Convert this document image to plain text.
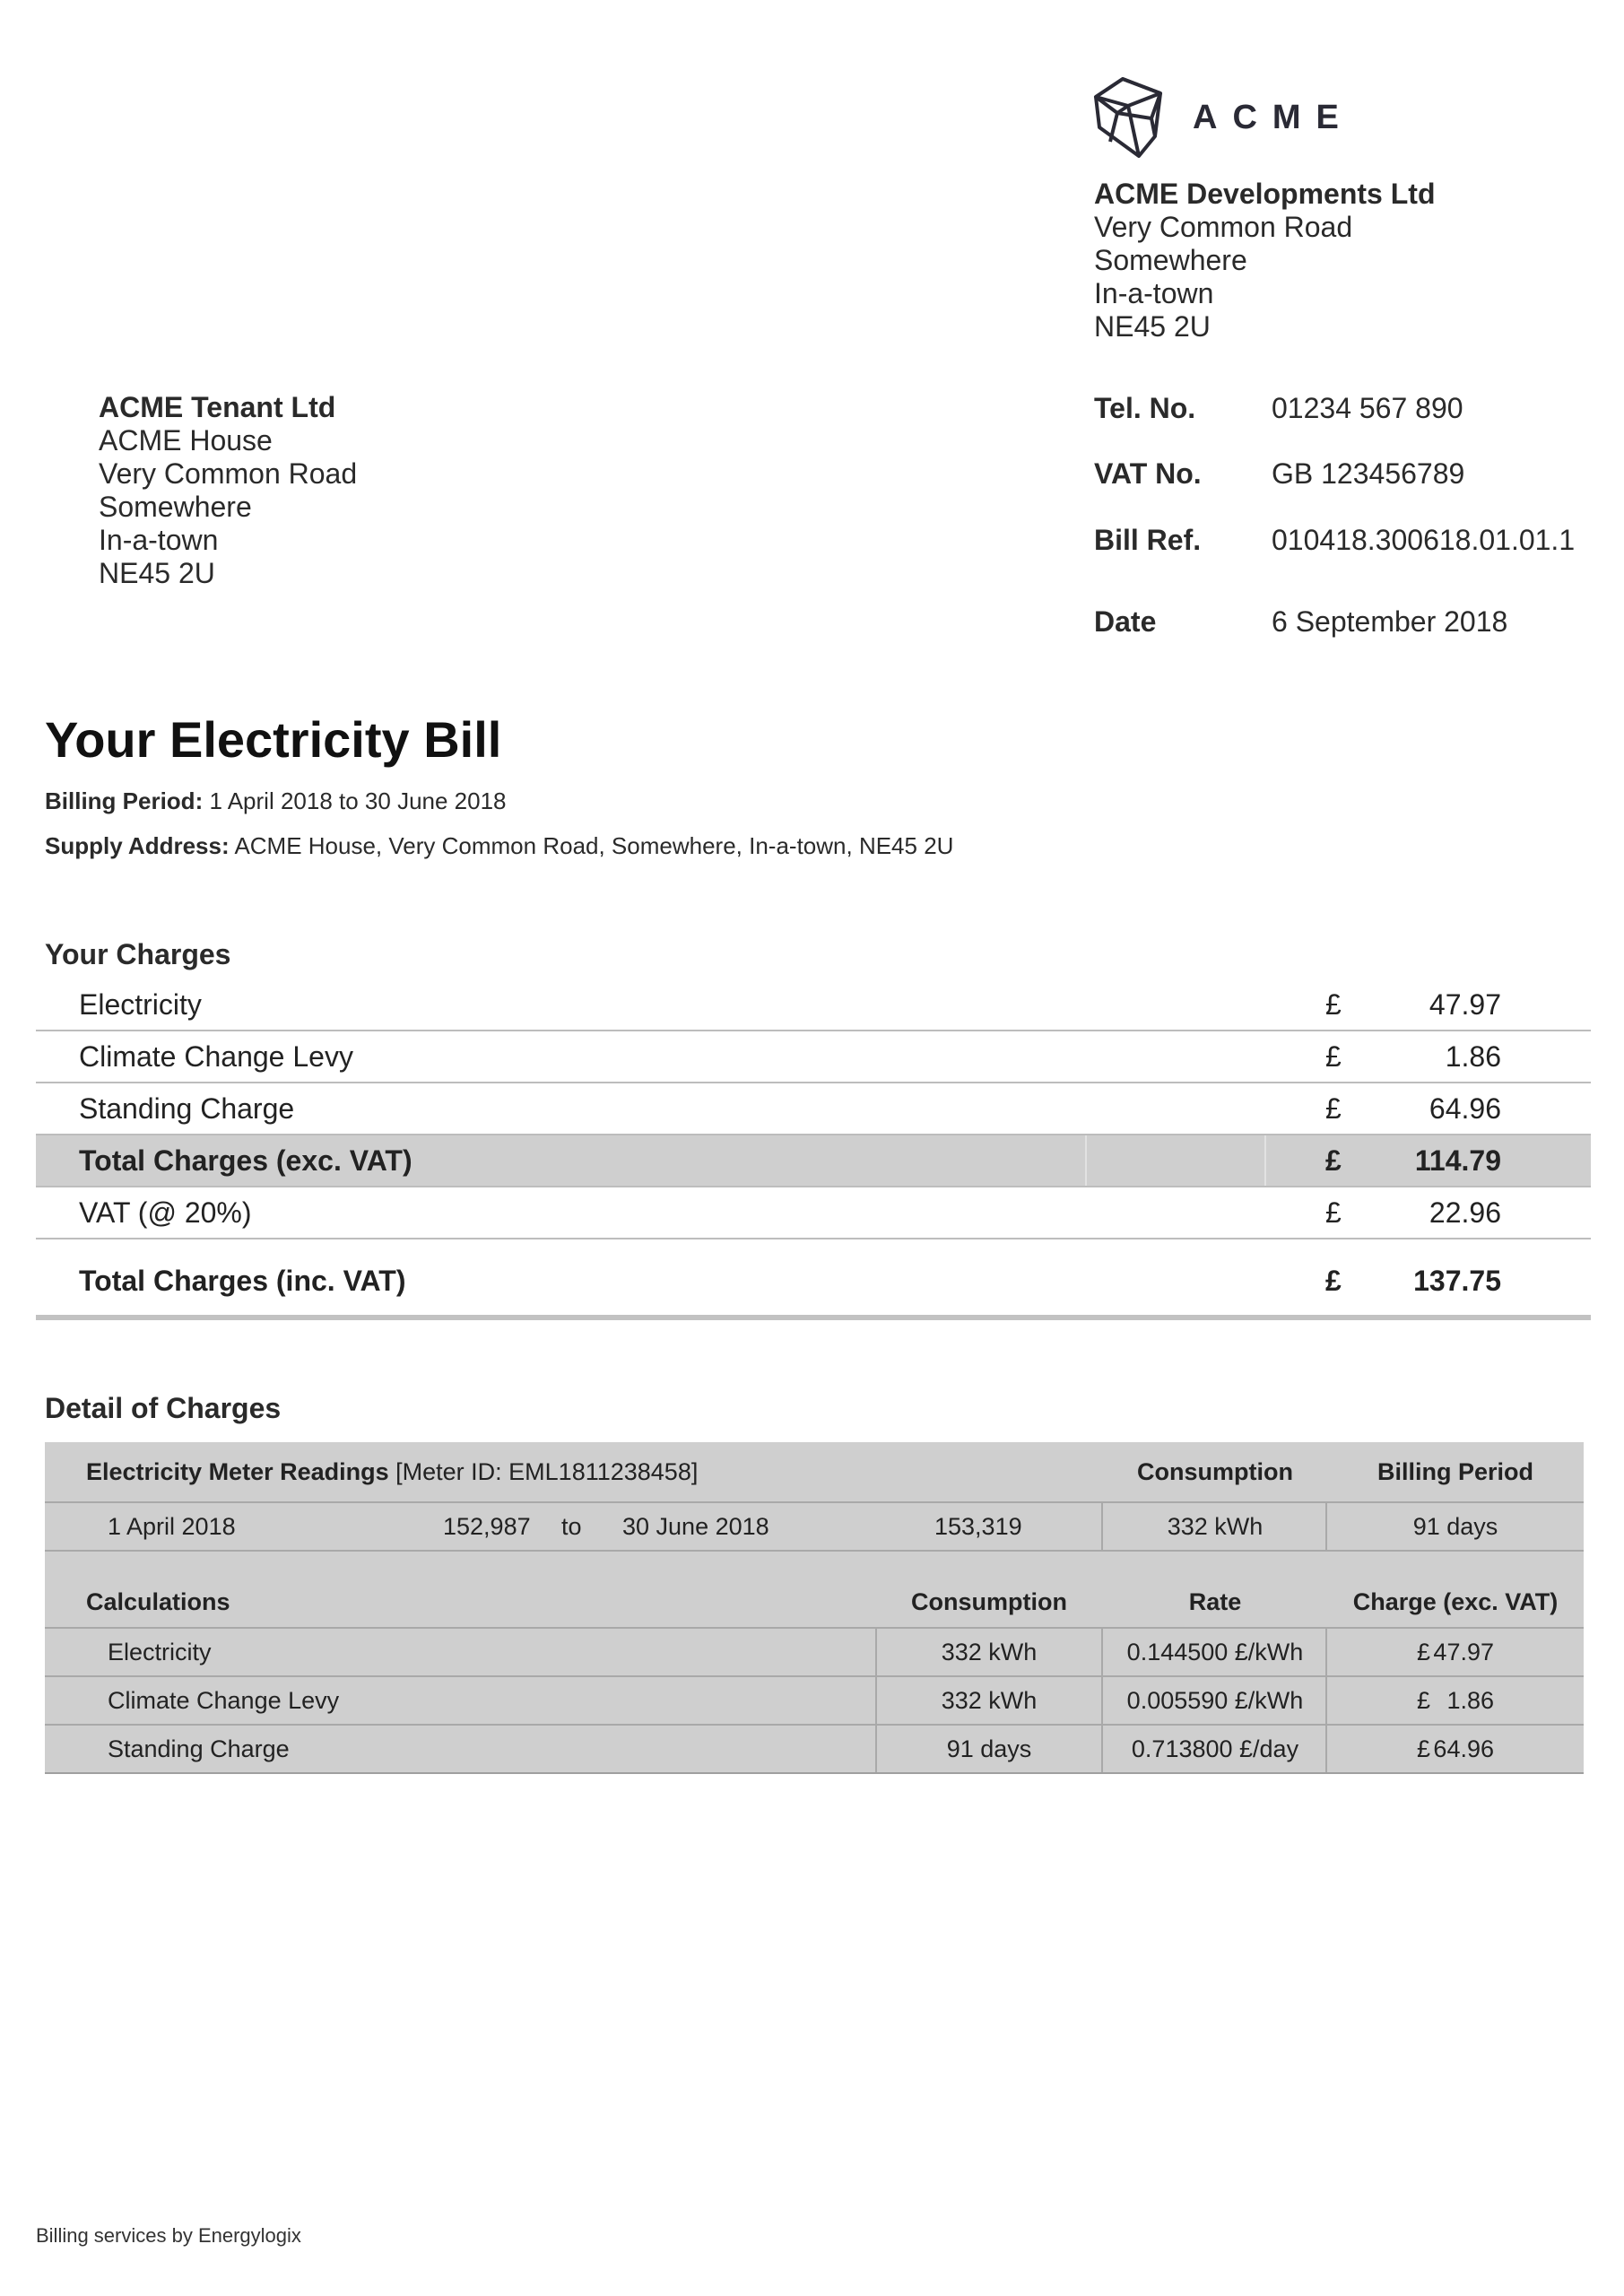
ACME
ACME Developments Ltd
Very Common Road
Somewhere
In-a-town
NE45 2U
ACME Tenant Ltd
ACME House
Very Common Road
Somewhere
In-a-town
NE45 2U
Tel. No.	01234 567 890
VAT No.	GB 123456789
Bill Ref.	010418.300618.01.01.1
Date	6 September 2018
Your Electricity Bill
Billing Period: 1 April 2018 to 30 June 2018
Supply Address: ACME House, Very Common Road, Somewhere, In-a-town, NE45 2U
Your Charges
Electricity	£	47.97
Climate Change Levy	£	1.86
Standing Charge	£	64.96
Total Charges (exc. VAT)	£	114.79
VAT (@ 20%)	£	22.96
Total Charges (inc. VAT)	£	137.75
Detail of Charges
Electricity Meter Readings
[Meter ID: EML1811238458]	Consumption	Billing Period
1 April 2018	152,987 to 30 June 2018	153,319	332 kWh	91 days
Calculations	Consumption	Rate	Charge (exc. VAT)
Electricity	332 kWh	0.144500 £/kWh	£ 47.97
Climate Change Levy	332 kWh	0.005590 £/kWh	£ 1.86
Standing Charge	91 days	0.713800 £/day	£ 64.96
Billing services by Energylogix
